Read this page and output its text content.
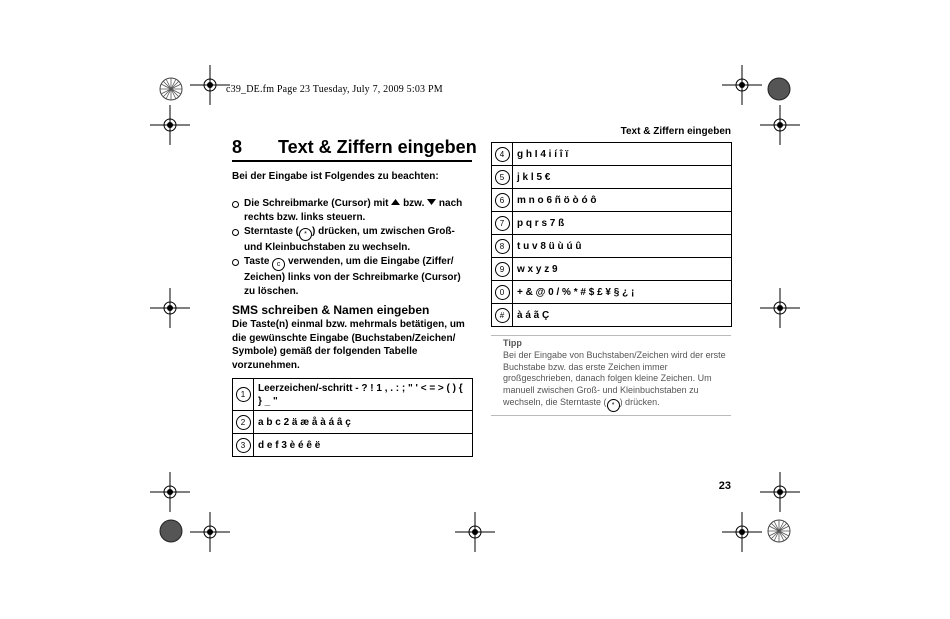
c39_DE.fm Page 23 Tuesday, July 7, 2009 5:03 PM
Text & Ziffern eingeben
8 Text & Ziffern eingeben
Bei der Eingabe ist Folgendes zu beachten:
Die Schreibmarke (Cursor) mit bzw. nach rechts bzw. links steuern.
Sterntaste ( * ) drücken, um zwischen Groß- und Kleinbuchstaben zu wechseln.
Taste c verwenden, um die Eingabe (Ziffer/ Zeichen) links von der Schreibmarke (Cursor) zu löschen.
SMS schreiben & Namen eingeben
Die Taste(n) einmal bzw. mehrmals betätigen, um die gewünschte Eingabe (Buchstaben/Zeichen/ Symbole) gemäß der folgenden Tabelle vorzunehmen.
1	Leerzeichen/-schritt - ? ! 1 , . : ; " ' < = > ( ) { } _ "
2	a b c 2 ä æ å à á â ç
3	d e f 3 è é ê ë
4	g h I 4 i í î ï
5	j k l 5 €
6	m n o 6 ñ ö ò ó ô
7	p q r s 7 ß
8	t u v 8 ü ù ú û
9	w x y z 9
0	+ & @ 0 / % * # $ £ ¥ § ¿ ¡
#	à á ã Ç
Tipp
Bei der Eingabe von Buchstaben/Zeichen wird der erste Buchstabe bzw. das erste Zeichen immer großgeschrieben, danach folgen kleine Zeichen. Um manuell zwischen Groß- und Kleinbuchstaben zu wechseln, die Sterntaste ( * ) drücken.
23
